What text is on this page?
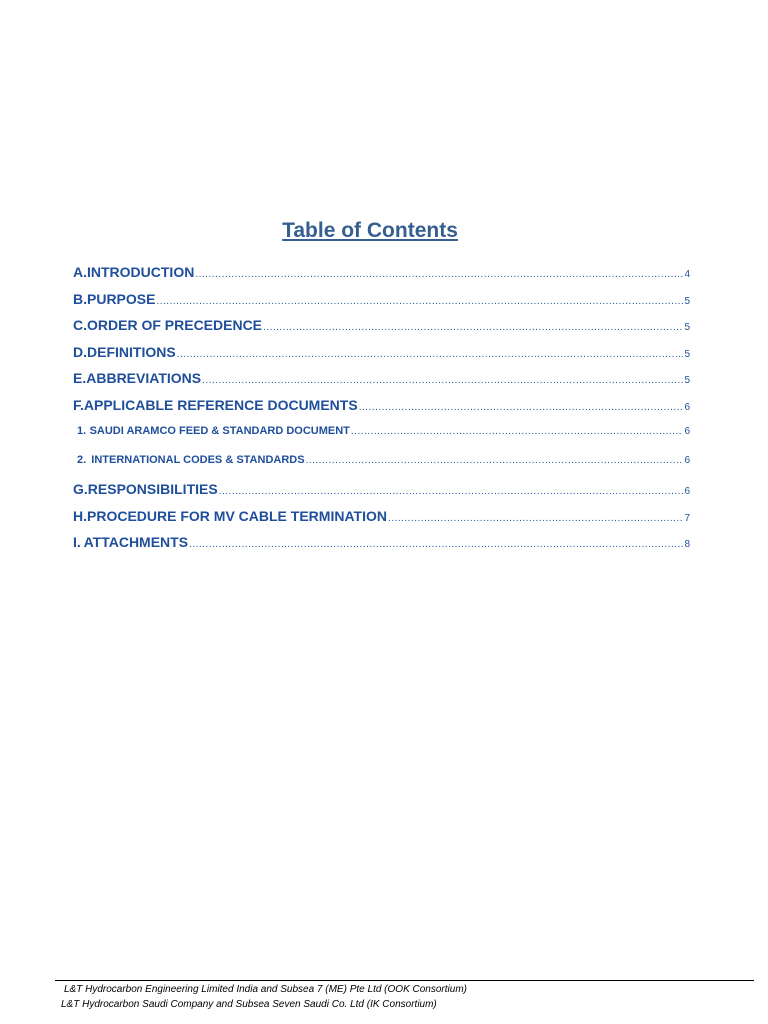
Table of Contents
A. INTRODUCTION .....	4
B. PURPOSE .....	5
C. ORDER OF PRECEDENCE .....	5
D. DEFINITIONS .....	5
E. ABBREVIATIONS .....	5
F. APPLICABLE REFERENCE DOCUMENTS .....	6
1. SAUDI ARAMCO FEED & STANDARD DOCUMENT .....	6
2. INTERNATIONAL CODES & STANDARDS .....	6
G. RESPONSIBILITIES .....	6
H. PROCEDURE FOR MV CABLE TERMINATION .....	7
I. ATTACHMENTS .....	8
L&T Hydrocarbon Engineering Limited India and Subsea 7 (ME) Pte Ltd (OOK Consortium)
L&T Hydrocarbon Saudi Company and Subsea Seven Saudi Co. Ltd (IK Consortium)
